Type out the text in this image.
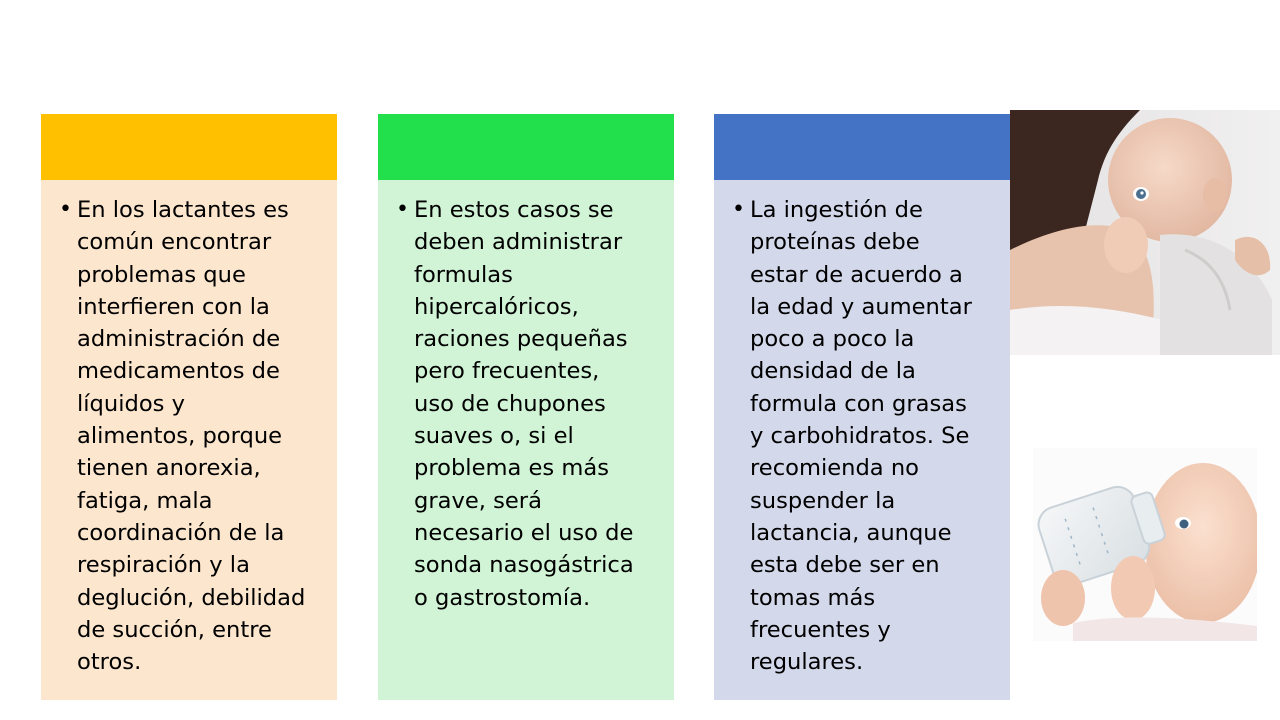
• En los lactantes es
común encontrar
problemas que
interfieren con la
administración de
medicamentos de
líquidos y
alimentos, porque
tienen anorexia,
fatiga, mala
coordinación de la
respiración y la
deglución, debilidad
de succión, entre
otros.
• En estos casos se
deben administrar
formulas
hipercalóricos,
raciones pequeñas
pero frecuentes,
uso de chupones
suaves o, si el
problema es más
grave, será
necesario el uso de
sonda nasogástrica
o gastrostomía.
• La ingestión de
proteínas debe
estar de acuerdo a
la edad y aumentar
poco a poco la
densidad de la
formula con grasas
y carbohidratos. Se
recomienda no
suspender la
lactancia, aunque
esta debe ser en
tomas más
frecuentes y
regulares.
